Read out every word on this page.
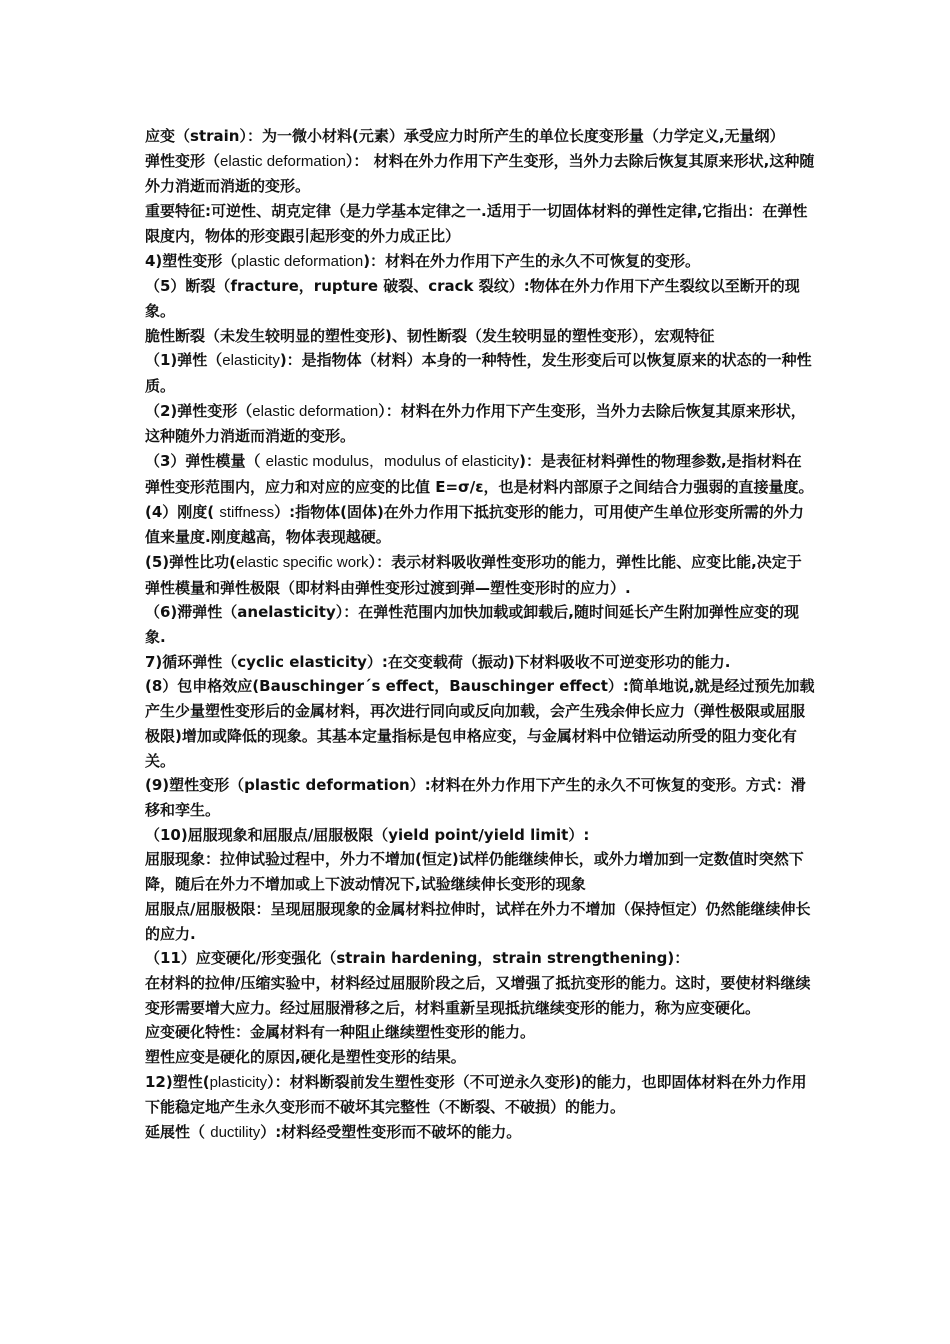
应变（strain）：为一微小材料(元素）承受应力时所产生的单位长度变形量（力学定义,无量纲）

弹性变形（elastic deformation）： 材料在外力作用下产生变形，当外力去除后恢复其原来形状,这种随外力消逝而消逝的变形。

重要特征:可逆性、胡克定律（是力学基本定律之一.适用于一切固体材料的弹性定律,它指出：在弹性限度内，物体的形变跟引起形变的外力成正比）

4)塑性变形（plastic deformation)：材料在外力作用下产生的永久不可恢复的变形。

（5）断裂（fracture，rupture 破裂、crack 裂纹）:物体在外力作用下产生裂纹以至断开的现象。

脆性断裂（未发生较明显的塑性变形)、韧性断裂（发生较明显的塑性变形），宏观特征

（1)弹性（elasticity)：是指物体（材料）本身的一种特性，发生形变后可以恢复原来的状态的一种性质。

（2)弹性变形（elastic deformation）：材料在外力作用下产生变形，当外力去除后恢复其原来形状，这种随外力消逝而消逝的变形。

（3）弹性模量（ elastic modulus，modulus of elasticity)：是表征材料弹性的物理参数,是指材料在弹性变形范围内，应力和对应的应变的比值 E=σ/ε，也是材料内部原子之间结合力强弱的直接量度。

(4）刚度( stiffness）:指物体(固体)在外力作用下抵抗变形的能力，可用使产生单位形变所需的外力值来量度.刚度越高，物体表现越硬。

(5)弹性比功(elastic specific work）：表示材料吸收弹性变形功的能力，弹性比能、应变比能,决定于弹性模量和弹性极限（即材料由弹性变形过渡到弹—塑性变形时的应力）.

（6)滞弹性（anelasticity）：在弹性范围内加快加载或卸载后,随时间延长产生附加弹性应变的现象.

7)循环弹性（cyclic elasticity）:在交变载荷（振动)下材料吸收不可逆变形功的能力.

(8）包申格效应(Bauschinger´s effect，Bauschinger effect）:简单地说,就是经过预先加载产生少量塑性变形后的金属材料，再次进行同向或反向加载，会产生残余伸长应力（弹性极限或屈服极限)增加或降低的现象。其基本定量指标是包申格应变，与金属材料中位错运动所受的阻力变化有关。

(9)塑性变形（plastic deformation）:材料在外力作用下产生的永久不可恢复的变形。方式：滑移和孪生。

（10)屈服现象和屈服点/屈服极限（yield point/yield limit）:

屈服现象：拉伸试验过程中，外力不增加(恒定)试样仍能继续伸长，或外力增加到一定数值时突然下降，随后在外力不增加或上下波动情况下,试验继续伸长变形的现象

屈服点/屈服极限：呈现屈服现象的金属材料拉伸时，试样在外力不增加（保持恒定）仍然能继续伸长的应力.

（11）应变硬化/形变强化（strain hardening，strain strengthening)：

在材料的拉伸/压缩实验中，材料经过屈服阶段之后，又增强了抵抗变形的能力。这时，要使材料继续变形需要增大应力。经过屈服滑移之后，材料重新呈现抵抗继续变形的能力，称为应变硬化。

应变硬化特性：金属材料有一种阻止继续塑性变形的能力。

塑性应变是硬化的原因,硬化是塑性变形的结果。

12)塑性(plasticity）：材料断裂前发生塑性变形（不可逆永久变形)的能力，也即固体材料在外力作用下能稳定地产生永久变形而不破坏其完整性（不断裂、不破损）的能力。

延展性（ ductility）:材料经受塑性变形而不破坏的能力。
